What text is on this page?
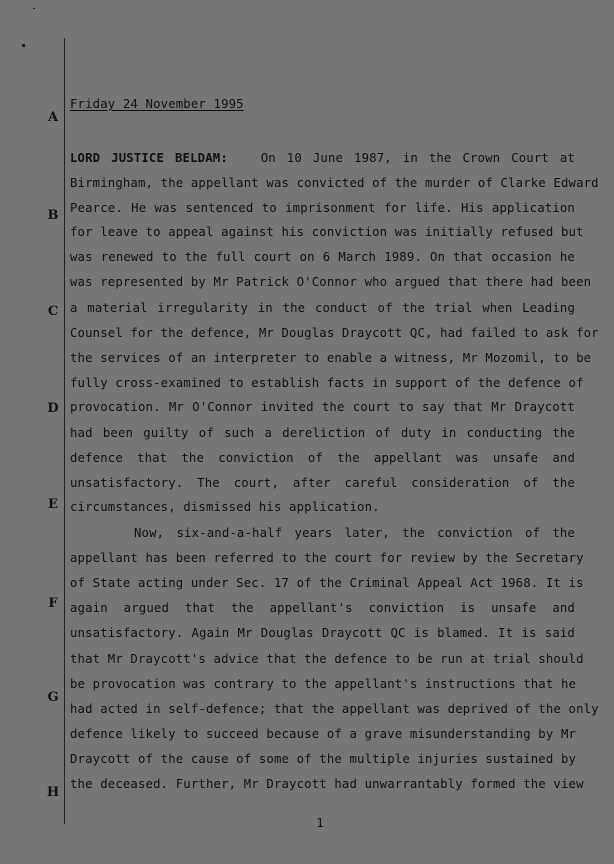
A
B
C
D
E
F
G
H
Friday 24 November 1995
LORD JUSTICE BELDAM:	On 10 June 1987, in the Crown Court at
Birmingham, the appellant was convicted of the murder of Clarke Edward
Pearce. He was sentenced to imprisonment for life. His application
for leave to appeal against his conviction was initially refused but
was renewed to the full court on 6 March 1989. On that occasion he
was represented by Mr Patrick O'Connor who argued that there had been
a material irregularity in the conduct of the trial when Leading
Counsel for the defence, Mr Douglas Draycott QC, had failed to ask for
the services of an interpreter to enable a witness, Mr Mozomil, to be
fully cross-examined to establish facts in support of the defence of
provocation. Mr O'Connor invited the court to say that Mr Draycott
had been guilty of such a dereliction of duty in conducting the
defence that the conviction of the appellant was unsafe and
unsatisfactory. The court, after careful consideration of the
circumstances, dismissed his application.
Now, six-and-a-half years later, the conviction of the
appellant has been referred to the court for review by the Secretary
of State acting under Sec. 17 of the Criminal Appeal Act 1968. It is
again argued that the appellant's conviction is unsafe and
unsatisfactory. Again Mr Douglas Draycott QC is blamed. It is said
that Mr Draycott's advice that the defence to be run at trial should
be provocation was contrary to the appellant's instructions that he
had acted in self-defence; that the appellant was deprived of the only
defence likely to succeed because of a grave misunderstanding by Mr
Draycott of the cause of some of the multiple injuries sustained by
the deceased. Further, Mr Draycott had unwarrantably formed the view
1
